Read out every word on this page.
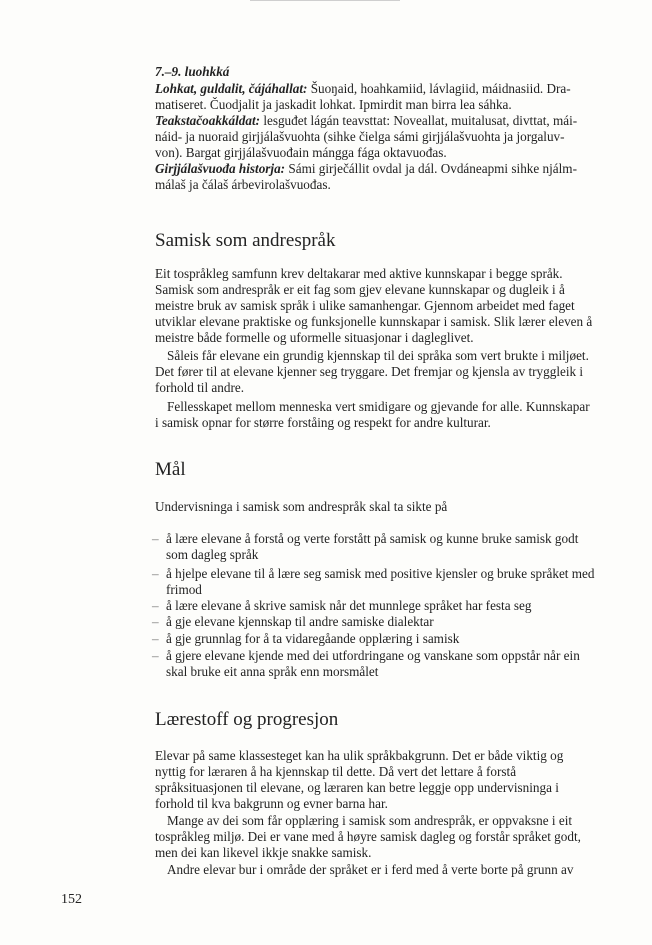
7.–9. luohkká
Lohkat, guldalit, čájáhallat: Šuoŋaid, hoahkamiid, lávlagiid, máidnasiid. Dra-
matiseret. Čuodjalit ja jaskadit lohkat. Ipmirdit man birra lea sáhka.
Teakstačoakkáldat: lesguđet lágán teavsttat: Noveallat, muitalusat, divttat, mái-
náid- ja nuoraid girjjálašvuohta (sihke čielga sámi girjjálašvuohta ja jorgaluv-
von). Bargat girjjálašvuođain mángga fága oktavuođas.
Girjjálašvuođa historja: Sámi girječállit ovdal ja dál. Ovdáneapmi sihke njálm-
málaš ja čálaš árbevirolašvuođas.
Samisk som andrespråk
Eit tospråkleg samfunn krev deltakarar med aktive kunnskapar i begge språk.
Samisk som andrespråk er eit fag som gjev elevane kunnskapar og dugleik i å
meistre bruk av samisk språk i ulike samanhengar. Gjennom arbeidet med faget
utviklar elevane praktiske og funksjonelle kunnskapar i samisk. Slik lærer eleven å
meistre både formelle og uformelle situasjonar i dagleglivet.
Såleis får elevane ein grundig kjennskap til dei språka som vert brukte i miljøet.
Det fører til at elevane kjenner seg tryggare. Det fremjar og kjensla av tryggleik i
forhold til andre.
Fellesskapet mellom menneska vert smidigare og gjevande for alle. Kunnskapar
i samisk opnar for større forståing og respekt for andre kulturar.
Mål
Undervisninga i samisk som andrespråk skal ta sikte på
– å lære elevane å forstå og verte forstått på samisk og kunne bruke samisk godt
som dagleg språk
– å hjelpe elevane til å lære seg samisk med positive kjensler og bruke språket med
frimod
– å lære elevane å skrive samisk når det munnlege språket har festa seg
– å gje elevane kjennskap til andre samiske dialektar
– å gje grunnlag for å ta vidaregåande opplæring i samisk
– å gjere elevane kjende med dei utfordringane og vanskane som oppstår når ein
skal bruke eit anna språk enn morsmålet
Lærestoff og progresjon
Elevar på same klassesteget kan ha ulik språkbakgrunn. Det er både viktig og
nyttig for læraren å ha kjennskap til dette. Då vert det lettare å forstå
språksituasjonen til elevane, og læraren kan betre leggje opp undervisninga i
forhold til kva bakgrunn og evner barna har.
Mange av dei som får opplæring i samisk som andrespråk, er oppvaksne i eit
tospråkleg miljø. Dei er vane med å høyre samisk dagleg og forstår språket godt,
men dei kan likevel ikkje snakke samisk.
Andre elevar bur i område der språket er i ferd med å verte borte på grunn av
152
